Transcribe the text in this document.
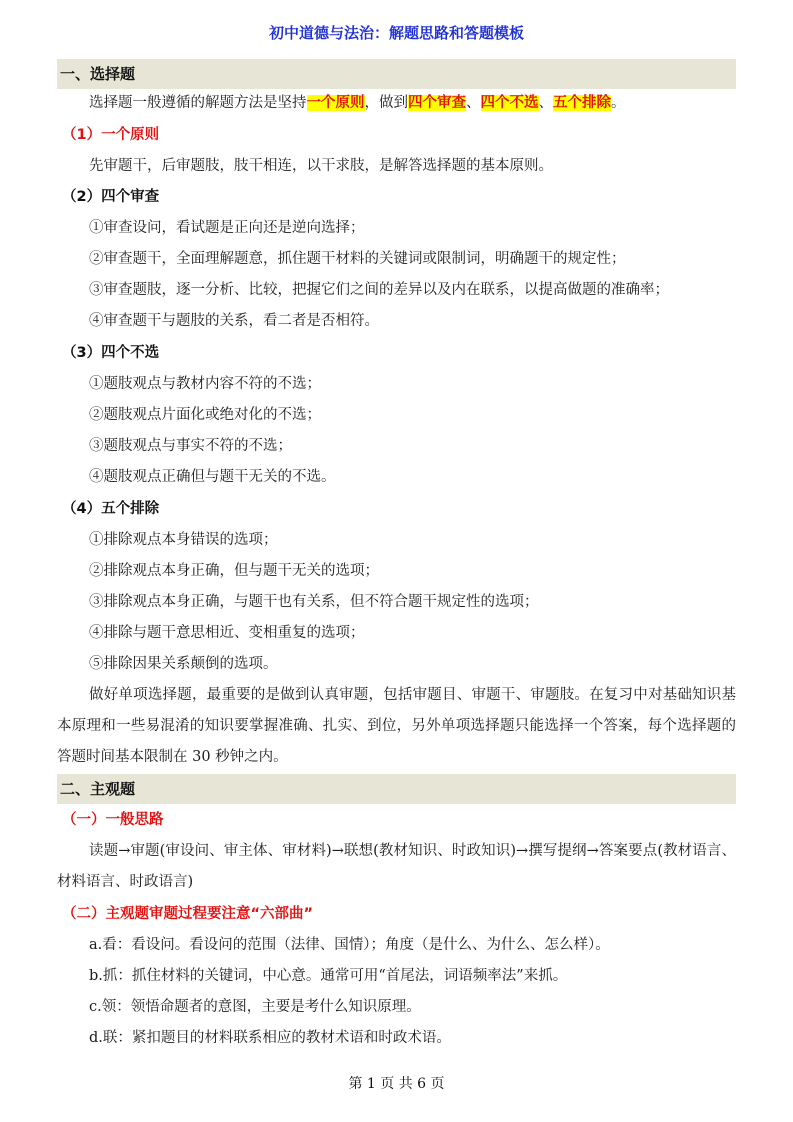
初中道德与法治：解题思路和答题模板
一、选择题
选择题一般遵循的解题方法是坚持一个原则，做到四个审查、四个不选、五个排除。
（1）一个原则
先审题干，后审题肢，肢干相连，以干求肢，是解答选择题的基本原则。
（2）四个审查
①审查设问，看试题是正向还是逆向选择；
②审查题干，全面理解题意，抓住题干材料的关键词或限制词，明确题干的规定性；
③审查题肢，逐一分析、比较，把握它们之间的差异以及内在联系，以提高做题的准确率；
④审查题干与题肢的关系，看二者是否相符。
（3）四个不选
①题肢观点与教材内容不符的不选；
②题肢观点片面化或绝对化的不选；
③题肢观点与事实不符的不选；
④题肢观点正确但与题干无关的不选。
（4）五个排除
①排除观点本身错误的选项；
②排除观点本身正确，但与题干无关的选项；
③排除观点本身正确，与题干也有关系，但不符合题干规定性的选项；
④排除与题干意思相近、变相重复的选项；
⑤排除因果关系颠倒的选项。

做好单项选择题，最重要的是做到认真审题，包括审题目、审题干、审题肢。在复习中对基础知识基本原理和一些易混淆的知识要掌握准确、扎实、到位，另外单项选择题只能选择一个答案，每个选择题的答题时间基本限制在 30 秒钟之内。

二、主观题
（一）一般思路

读题→审题(审设问、审主体、审材料)→联想(教材知识、时政知识)→撰写提纲→答案要点(教材语言、材料语言、时政语言)

（二）主观题审题过程要注意“六部曲”
a.看：看设问。看设问的范围（法律、国情）；角度（是什么、为什么、怎么样）。
b.抓：抓住材料的关键词，中心意。通常可用“首尾法，词语频率法”来抓。
c.领：领悟命题者的意图，主要是考什么知识原理。
d.联：紧扣题目的材料联系相应的教材术语和时政术语。
第 1 页 共 6 页
